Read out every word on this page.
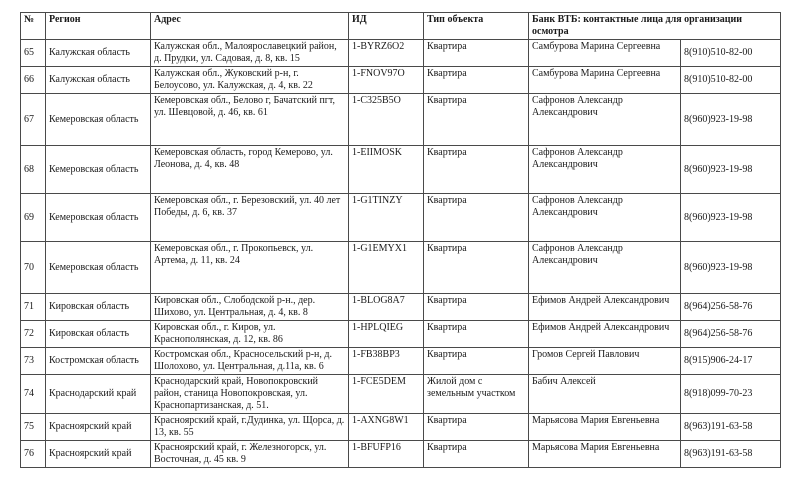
№	Регион	Адрес	ИД	Тип объекта	Банк ВТБ: контактные лица для организации осмотра	
65	Калужская область	Калужская обл., Малоярославецкий район, д. Прудки, ул. Садовая, д. 8, кв. 15	1-BYRZ6O2	Квартира	Самбурова Марина Сергеевна	8(910)510-82-00
66	Калужская область	Калужская обл., Жуковский р-н, г. Белоусово, ул. Калужская, д. 4, кв. 22	1-FNOV97O	Квартира	Самбурова Марина Сергеевна	8(910)510-82-00
67	Кемеровская область	Кемеровская обл., Белово г, Бачатский пгт, ул. Шевцовой, д. 46, кв. 61	1-C325B5O	Квартира	Сафронов Александр Александрович	8(960)923-19-98
68	Кемеровская область	Кемеровская область, город Кемерово, ул. Леонова, д. 4, кв. 48	1-EIIMOSK	Квартира	Сафронов Александр Александрович	8(960)923-19-98
69	Кемеровская область	Кемеровская обл., г. Березовский, ул. 40 лет Победы, д. 6, кв. 37	1-G1TINZY	Квартира	Сафронов Александр Александрович	8(960)923-19-98
70	Кемеровская область	Кемеровская обл., г. Прокопьевск, ул. Артема, д. 11, кв. 24	1-G1EMYX1	Квартира	Сафронов Александр Александрович	8(960)923-19-98
71	Кировская область	Кировская обл., Слободской р-н., дер. Шихово, ул. Центральная, д. 4, кв. 8	1-BLOG8A7	Квартира	Ефимов Андрей Александрович	8(964)256-58-76
72	Кировская область	Кировская обл., г. Киров, ул. Краснополянская, д. 12, кв. 86	1-HPLQIEG	Квартира	Ефимов Андрей Александрович	8(964)256-58-76
73	Костромская область	Костромская обл., Красносельский р-н, д. Шолохово, ул. Центральная, д.11а, кв. 6	1-FB38BP3	Квартира	Громов Сергей Павлович	8(915)906-24-17
74	Краснодарский край	Краснодарский край, Новопокровский район, станица Новопокровская, ул. Краснопартизанская, д. 51.	1-FCE5DEM	Жилой дом с земельным участком	Бабич Алексей	8(918)099-70-23
75	Красноярский край	Красноярский край, г.Дудинка, ул. Щорса, д. 13, кв. 55	1-AXNG8W1	Квартира	Марьясова Мария Евгеньевна	8(963)191-63-58
76	Красноярский край	Красноярский край, г. Железногорск, ул. Восточная, д. 45 кв. 9	1-BFUFP16	Квартира	Марьясова Мария Евгеньевна	8(963)191-63-58
